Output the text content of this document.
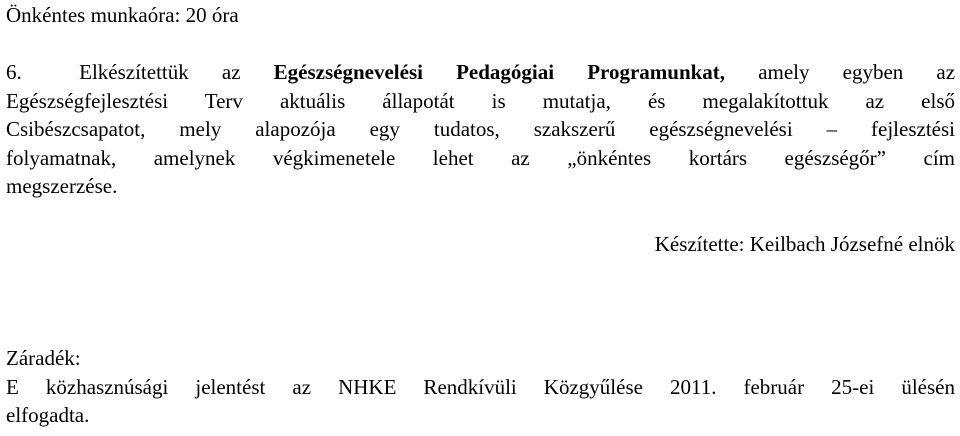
Önkéntes munkaóra: 20 óra
6.	Elkészítettük az Egészségnevelési Pedagógiai Programunkat, amely egyben az
Egészségfejlesztési Terv aktuális állapotát is mutatja, és megalakítottuk az első
Csibészcsapatot, mely alapozója egy tudatos, szakszerű egészségnevelési – fejlesztési
folyamatnak, amelynek végkimenetele lehet az „önkéntes kortárs egészségőr” cím
megszerzése.
Készítette: Keilbach Józsefné elnök
Záradék:
E közhasznúsági jelentést az NHKE Rendkívüli Közgyűlése 2011. február 25-ei ülésén
elfogadta.
